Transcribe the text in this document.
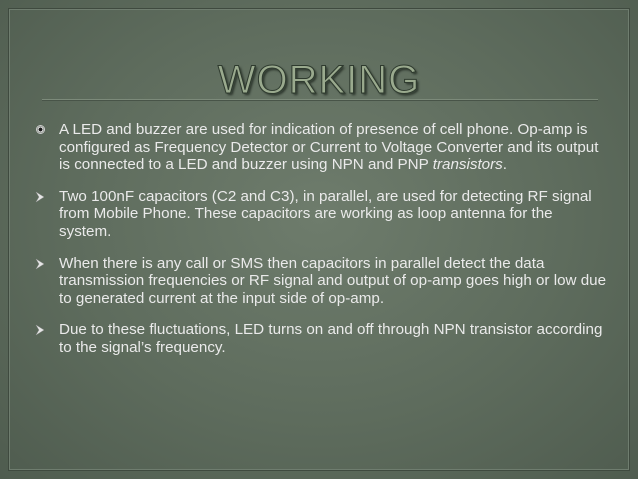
WORKING
A LED and buzzer are used for indication of presence of cell phone. Op-amp is configured as Frequency Detector or Current to Voltage Converter and its output is connected to a LED and buzzer using NPN and PNP transistors.
Two 100nF capacitors (C2 and C3), in parallel, are used for detecting RF signal from Mobile Phone. These capacitors are working as loop antenna for the system.
When there is any call or SMS then capacitors in parallel detect the data transmission frequencies or RF signal and output of op-amp goes high or low due to generated current at the input side of op-amp.
Due to these fluctuations, LED turns on and off through NPN transistor according to the signal’s frequency.
